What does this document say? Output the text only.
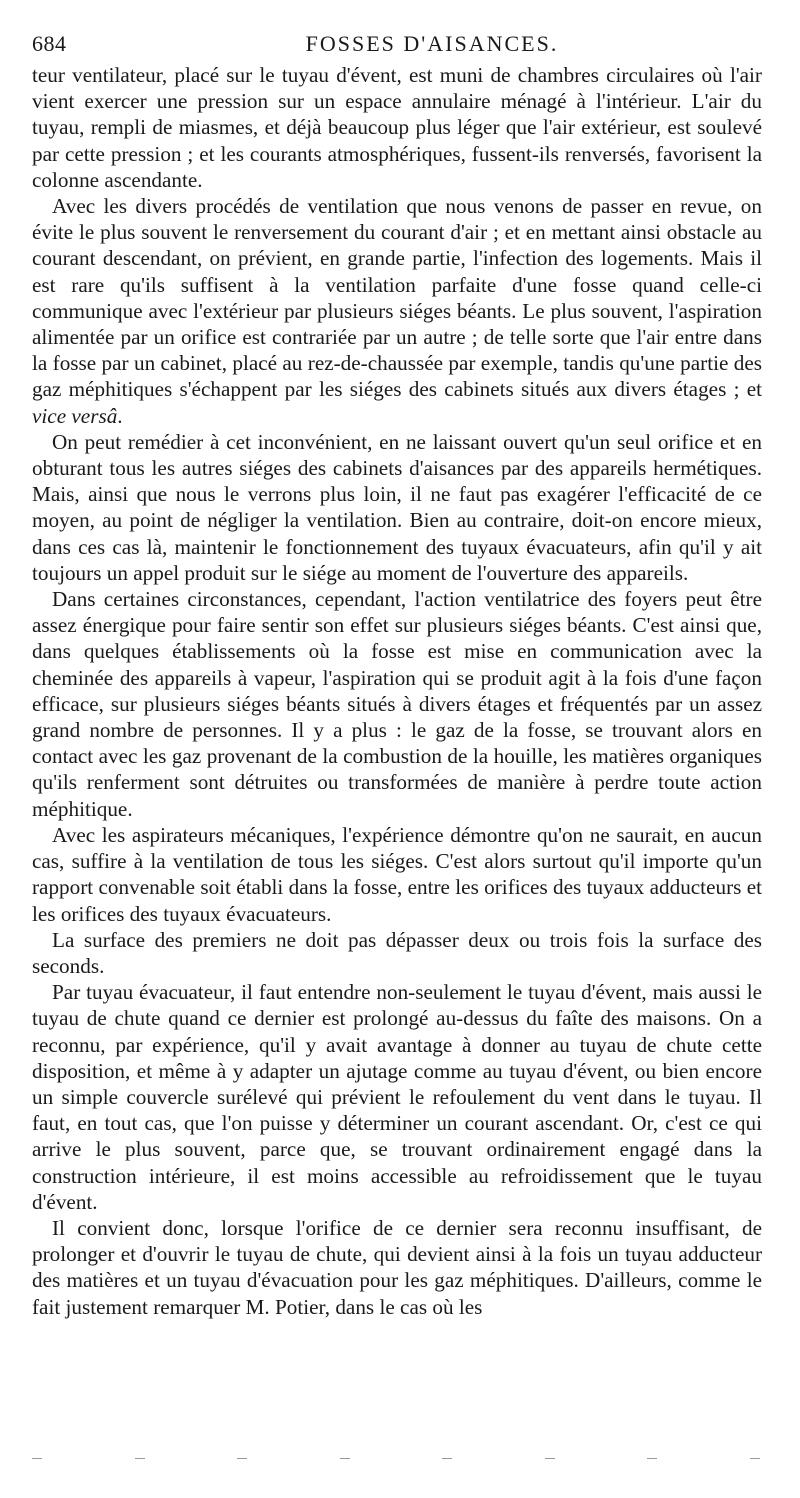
684	FOSSES D'AISANCES.

teur ventilateur, placé sur le tuyau d'évent, est muni de chambres circulaires où l'air vient exercer une pression sur un espace annulaire ménagé à l'intérieur. L'air du tuyau, rempli de miasmes, et déjà beaucoup plus léger que l'air extérieur, est soulevé par cette pression ; et les courants atmosphériques, fussent-ils renversés, favorisent la colonne ascendante.

Avec les divers procédés de ventilation que nous venons de passer en revue, on évite le plus souvent le renversement du courant d'air ; et en mettant ainsi obstacle au courant descendant, on prévient, en grande partie, l'infection des logements. Mais il est rare qu'ils suffisent à la ventilation parfaite d'une fosse quand celle-ci communique avec l'extérieur par plusieurs siéges béants. Le plus souvent, l'aspiration alimentée par un orifice est contrariée par un autre ; de telle sorte que l'air entre dans la fosse par un cabinet, placé au rez-de-chaussée par exemple, tandis qu'une partie des gaz méphitiques s'échappent par les siéges des cabinets situés aux divers étages ; et vice versâ.

On peut remédier à cet inconvénient, en ne laissant ouvert qu'un seul orifice et en obturant tous les autres siéges des cabinets d'aisances par des appareils hermétiques. Mais, ainsi que nous le verrons plus loin, il ne faut pas exagérer l'efficacité de ce moyen, au point de négliger la ventilation. Bien au contraire, doit-on encore mieux, dans ces cas là, maintenir le fonctionnement des tuyaux évacuateurs, afin qu'il y ait toujours un appel produit sur le siége au moment de l'ouverture des appareils.

Dans certaines circonstances, cependant, l'action ventilatrice des foyers peut être assez énergique pour faire sentir son effet sur plusieurs siéges béants. C'est ainsi que, dans quelques établissements où la fosse est mise en communication avec la cheminée des appareils à vapeur, l'aspiration qui se produit agit à la fois d'une façon efficace, sur plusieurs siéges béants situés à divers étages et fréquentés par un assez grand nombre de personnes. Il y a plus : le gaz de la fosse, se trouvant alors en contact avec les gaz provenant de la combustion de la houille, les matières organiques qu'ils renferment sont détruites ou transformées de manière à perdre toute action méphitique.

Avec les aspirateurs mécaniques, l'expérience démontre qu'on ne saurait, en aucun cas, suffire à la ventilation de tous les siéges. C'est alors surtout qu'il importe qu'un rapport convenable soit établi dans la fosse, entre les orifices des tuyaux adducteurs et les orifices des tuyaux évacuateurs.

La surface des premiers ne doit pas dépasser deux ou trois fois la surface des seconds.

Par tuyau évacuateur, il faut entendre non-seulement le tuyau d'évent, mais aussi le tuyau de chute quand ce dernier est prolongé au-dessus du faîte des maisons. On a reconnu, par expérience, qu'il y avait avantage à donner au tuyau de chute cette disposition, et même à y adapter un ajutage comme au tuyau d'évent, ou bien encore un simple couvercle surélevé qui prévient le refoulement du vent dans le tuyau. Il faut, en tout cas, que l'on puisse y déterminer un courant ascendant. Or, c'est ce qui arrive le plus souvent, parce que, se trouvant ordinairement engagé dans la construction intérieure, il est moins accessible au refroidissement que le tuyau d'évent.

Il convient donc, lorsque l'orifice de ce dernier sera reconnu insuffisant, de prolonger et d'ouvrir le tuyau de chute, qui devient ainsi à la fois un tuyau adducteur des matières et un tuyau d'évacuation pour les gaz méphitiques. D'ailleurs, comme le fait justement remarquer M. Potier, dans le cas où les
